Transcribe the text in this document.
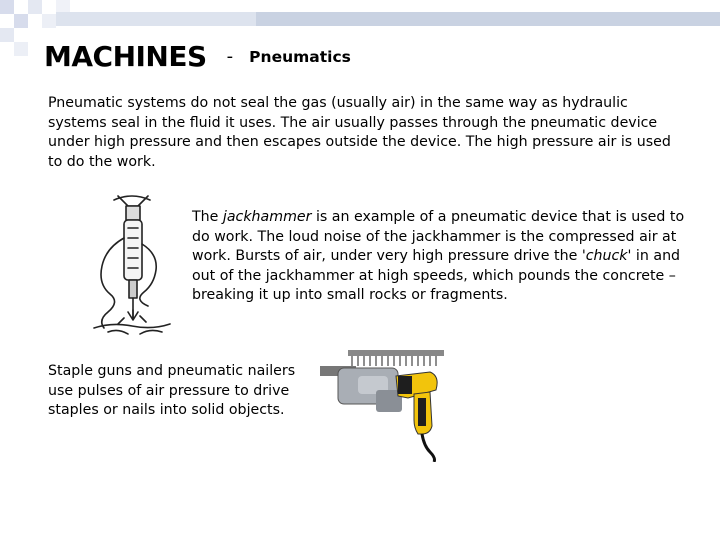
MACHINES - Pneumatics

Pneumatic systems do not seal the gas (usually air) in the same way as hydraulic systems seal in the fluid it uses. The air usually passes through the pneumatic device under high pressure and then escapes outside the device. The high pressure air is used to do the work.

The jackhammer is an example of a pneumatic device that is used to do work. The loud noise of the jackhammer is the compressed air at work. Bursts of air, under very high pressure drive the 'chuck' in and out of the jackhammer at high speeds, which pounds the concrete – breaking it up into small rocks or fragments.

Staple guns and pneumatic nailers use pulses of air pressure to drive staples or nails into solid objects.
